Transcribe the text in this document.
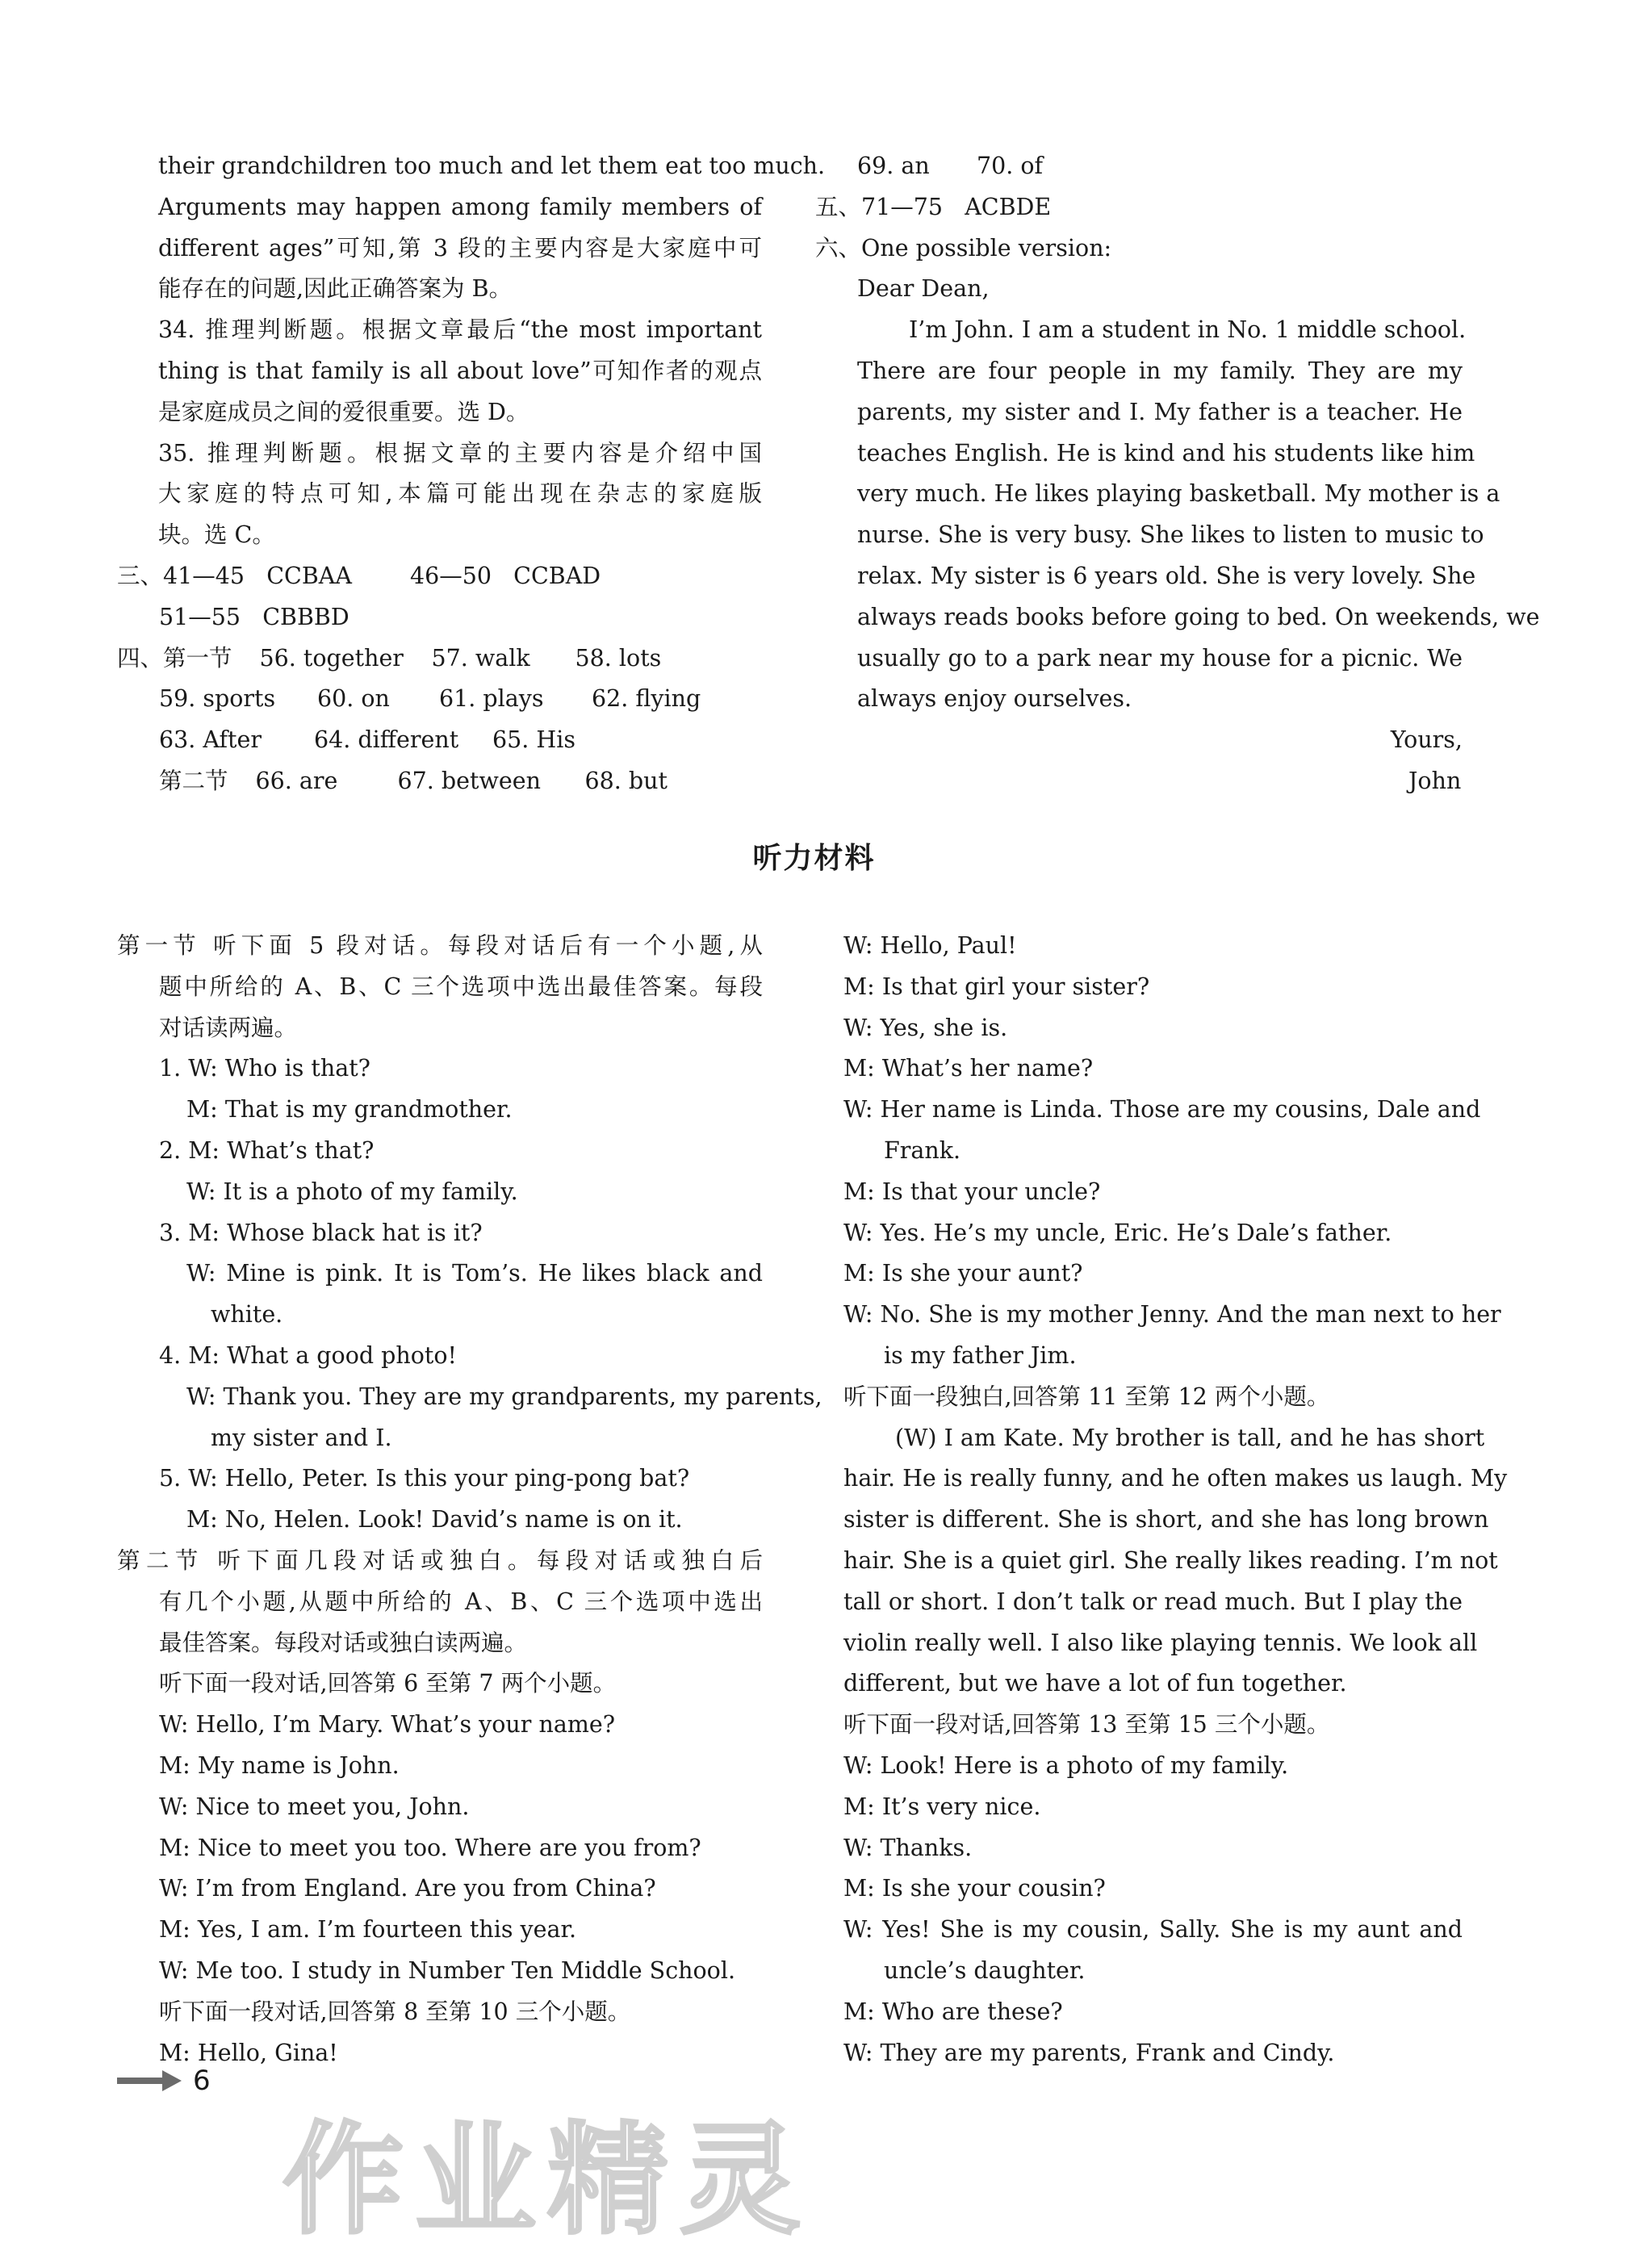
their grandchildren too much and let them eat too much.
Arguments may happen among family members of
different ages”可知,第 3 段的主要内容是大家庭中可
能存在的问题,因此正确答案为 B。
34. 推理判断题。根据文章最后“the most important
thing is that family is all about love”可知作者的观点
是家庭成员之间的爱很重要。选 D。
35. 推理判断题。根据文章的主要内容是介绍中国
大家庭的特点可知,本篇可能出现在杂志的家庭版
块。选 C。
三、41—45   CCBAA	46—50   CCBAD
51—55   CBBBD
四、第一节 56. together 57. walk 58. lots
59. sports 60. on 61. plays 62. flying
63. After 64. different 65. His
第二节 66. are	67. between 68. but
69. an 70. of
五、71—75   ACBDE
六、One possible version:
Dear Dean,
I’m John. I am a student in No. 1 middle school.
There are four people in my family. They are my
parents, my sister and I. My father is a teacher. He
teaches English. He is kind and his students like him
very much. He likes playing basketball. My mother is a
nurse. She is very busy. She likes to listen to music to
relax. My sister is 6 years old. She is very lovely. She
always reads books before going to bed. On weekends, we
usually go to a park near my house for a picnic. We
always enjoy ourselves.
Yours,
John
听力材料
第一节 听下面 5 段对话。每段对话后有一个小题,从
题中所给的 A、B、C 三个选项中选出最佳答案。每段
对话读两遍。
1. W: Who is that?
M: That is my grandmother.
2. M: What’s that?
W: It is a photo of my family.
3. M: Whose black hat is it?
W: Mine is pink. It is Tom’s. He likes black and
white.
4. M: What a good photo!
W: Thank you. They are my grandparents, my parents,
my sister and I.
5. W: Hello, Peter. Is this your ping-pong bat?
M: No, Helen. Look! David’s name is on it.
第二节 听下面几段对话或独白。每段对话或独白后
有几个小题,从题中所给的 A、B、C 三个选项中选出
最佳答案。每段对话或独白读两遍。
听下面一段对话,回答第 6 至第 7 两个小题。
W: Hello, I’m Mary. What’s your name?
M: My name is John.
W: Nice to meet you, John.
M: Nice to meet you too. Where are you from?
W: I’m from England. Are you from China?
M: Yes, I am. I’m fourteen this year.
W: Me too. I study in Number Ten Middle School.
听下面一段对话,回答第 8 至第 10 三个小题。
M: Hello, Gina!
W: Hello, Paul!
M: Is that girl your sister?
W: Yes, she is.
M: What’s her name?
W: Her name is Linda. Those are my cousins, Dale and
Frank.
M: Is that your uncle?
W: Yes. He’s my uncle, Eric. He’s Dale’s father.
M: Is she your aunt?
W: No. She is my mother Jenny. And the man next to her
is my father Jim.
听下面一段独白,回答第 11 至第 12 两个小题。
(W) I am Kate. My brother is tall, and he has short
hair. He is really funny, and he often makes us laugh. My
sister is different. She is short, and she has long brown
hair. She is a quiet girl. She really likes reading. I’m not
tall or short. I don’t talk or read much. But I play the
violin really well. I also like playing tennis. We look all
different, but we have a lot of fun together.
听下面一段对话,回答第 13 至第 15 三个小题。
W: Look! Here is a photo of my family.
M: It’s very nice.
W: Thanks.
M: Is she your cousin?
W: Yes! She is my cousin, Sally. She is my aunt and
uncle’s daughter.
M: Who are these?
W: They are my parents, Frank and Cindy.
作业精灵
6
